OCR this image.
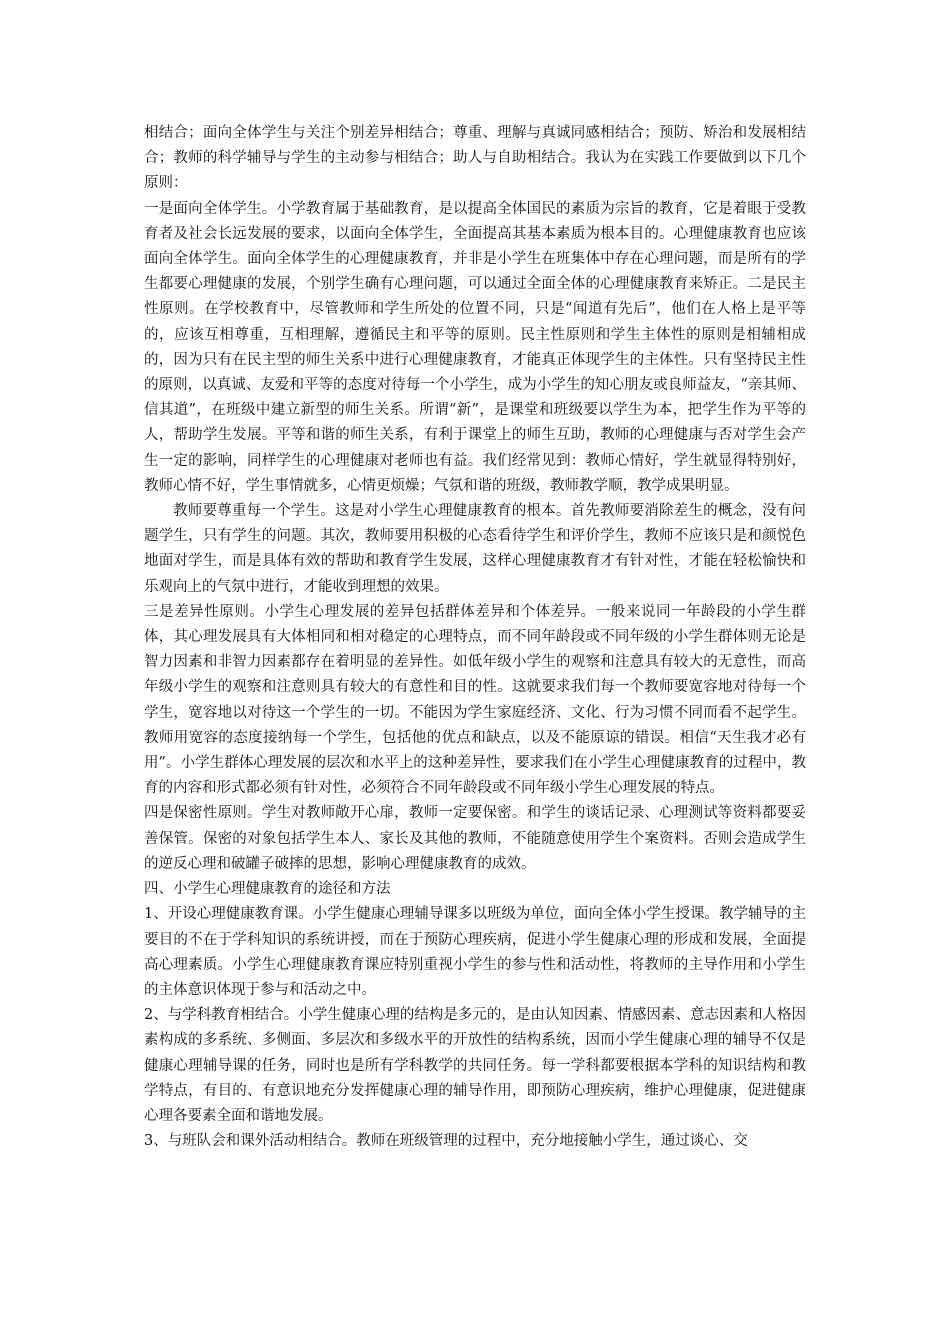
相结合；面向全体学生与关注个别差异相结合；尊重、理解与真诚同感相结合；预防、矫治和发展相结合；教师的科学辅导与学生的主动参与相结合；助人与自助相结合。我认为在实践工作要做到以下几个原则：

一是面向全体学生。小学教育属于基础教育，是以提高全体国民的素质为宗旨的教育，它是着眼于受教育者及社会长远发展的要求，以面向全体学生，全面提高其基本素质为根本目的。心理健康教育也应该面向全体学生。面向全体学生的心理健康教育，并非是小学生在班集体中存在心理问题，而是所有的学生都要心理健康的发展，个别学生确有心理问题，可以通过全面全体的心理健康教育来矫正。二是民主性原则。在学校教育中，尽管教师和学生所处的位置不同，只是“闻道有先后”，他们在人格上是平等的，应该互相尊重，互相理解，遵循民主和平等的原则。民主性原则和学生主体性的原则是相辅相成的，因为只有在民主型的师生关系中进行心理健康教育，才能真正体现学生的主体性。只有坚持民主性的原则，以真诚、友爱和平等的态度对待每一个小学生，成为小学生的知心朋友或良师益友，“亲其师、信其道”，在班级中建立新型的师生关系。所谓“新”，是课堂和班级要以学生为本，把学生作为平等的人，帮助学生发展。平等和谐的师生关系，有利于课堂上的师生互助，教师的心理健康与否对学生会产生一定的影响，同样学生的心理健康对老师也有益。我们经常见到：教师心情好，学生就显得特别好，教师心情不好，学生事情就多，心情更烦燥；气氛和谐的班级，教师教学顺，教学成果明显。

教师要尊重每一个学生。这是对小学生心理健康教育的根本。首先教师要消除差生的概念，没有问题学生，只有学生的问题。其次，教师要用积极的心态看待学生和评价学生，教师不应该只是和颜悦色地面对学生，而是具体有效的帮助和教育学生发展，这样心理健康教育才有针对性，才能在轻松愉快和乐观向上的气氛中进行，才能收到理想的效果。

三是差异性原则。小学生心理发展的差异包括群体差异和个体差异。一般来说同一年龄段的小学生群体，其心理发展具有大体相同和相对稳定的心理特点，而不同年龄段或不同年级的小学生群体则无论是智力因素和非智力因素都存在着明显的差异性。如低年级小学生的观察和注意具有较大的无意性，而高年级小学生的观察和注意则具有较大的有意性和目的性。这就要求我们每一个教师要宽容地对待每一个学生，宽容地以对待这一个学生的一切。不能因为学生家庭经济、文化、行为习惯不同而看不起学生。教师用宽容的态度接纳每一个学生，包括他的优点和缺点，以及不能原谅的错误。相信“天生我才必有用”。小学生群体心理发展的层次和水平上的这种差异性，要求我们在小学生心理健康教育的过程中，教育的内容和形式都必须有针对性，必须符合不同年龄段或不同年级小学生心理发展的特点。

四是保密性原则。学生对教师敞开心扉，教师一定要保密。和学生的谈话记录、心理测试等资料都要妥善保管。保密的对象包括学生本人、家长及其他的教师，不能随意使用学生个案资料。否则会造成学生的逆反心理和破罐子破摔的思想，影响心理健康教育的成效。

四、小学生心理健康教育的途径和方法

1、开设心理健康教育课。小学生健康心理辅导课多以班级为单位，面向全体小学生授课。教学辅导的主要目的不在于学科知识的系统讲授，而在于预防心理疾病，促进小学生健康心理的形成和发展，全面提高心理素质。小学生心理健康教育课应特别重视小学生的参与性和活动性，将教师的主导作用和小学生的主体意识体现于参与和活动之中。

2、与学科教育相结合。小学生健康心理的结构是多元的，是由认知因素、情感因素、意志因素和人格因素构成的多系统、多侧面、多层次和多级水平的开放性的结构系统，因而小学生健康心理的辅导不仅是健康心理辅导课的任务，同时也是所有学科教学的共同任务。每一学科都要根据本学科的知识结构和教学特点，有目的、有意识地充分发挥健康心理的辅导作用，即预防心理疾病，维护心理健康，促进健康心理各要素全面和谐地发展。

3、与班队会和课外活动相结合。教师在班级管理的过程中，充分地接触小学生，通过谈心、交
